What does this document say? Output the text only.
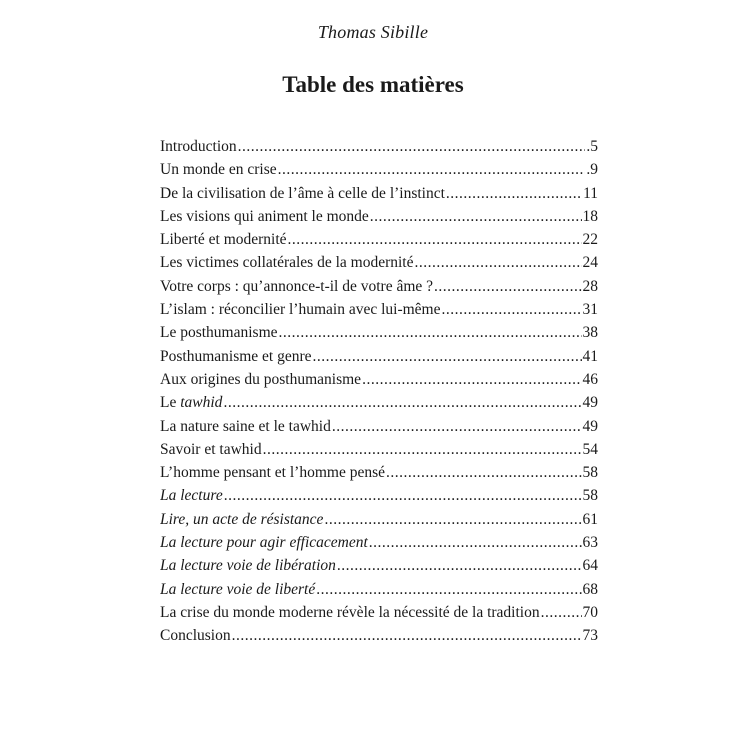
Thomas Sibille
Table des matières
Introduction .....	.5
Un monde en crise .....	.9
De la civilisation de l’âme à celle de l’instinct .....	11
Les visions qui animent le monde .....	18
Liberté et modernité .....	22
Les victimes collatérales de la modernité .....	24
Votre corps : qu’annonce-t-il de votre âme ? .....	28
L’islam : réconcilier l’humain avec lui-même .....	31
Le posthumanisme .....	38
Posthumanisme et genre .....	41
Aux origines du posthumanisme .....	46
Le tawhid .....	49
La nature saine et le tawhid .....	49
Savoir et tawhid .....	54
L’homme pensant et l’homme pensé .....	58
La lecture .....	58
Lire, un acte de résistance .....	61
La lecture pour agir efficacement .....	63
La lecture voie de libération .....	64
La lecture voie de liberté .....	68
La crise du monde moderne révèle la nécessité de la tradition .....	70
Conclusion .....	73
